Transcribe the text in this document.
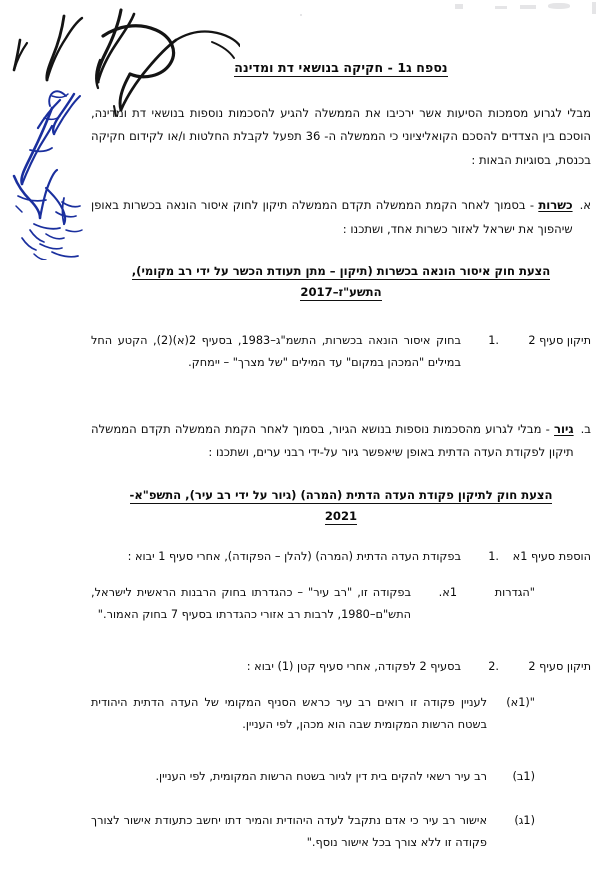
נספח ג1 - חקיקה בנושאי דת ומדינה

מבלי לגרוע מסמכות הסיעות אשר ירכיבו את הממשלה להגיע להסכמות נוספות בנושאי דת ומדינה, הוסכם בין הצדדים להסכם הקואליציוני כי הממשלה ה- 36 תפעל לקבלת החלטות ו/או לקידום חקיקה בכנסת, בסוגיות הבאות :

א.
כשרות - בסמוך לאחר הקמת הממשלה תקדם הממשלה תיקון לחוק איסור הונאה בכשרות באופן שיהפוך את ישראל לאזור כשרות אחד, ושתכנו :
הצעת חוק איסור הונאה בכשרות (תיקון – מתן תעודת הכשר על ידי רב מקומי),
התשע"ז–2017
תיקון סעיף 2
1.
בחוק איסור הונאה בכשרות, התשמ"ג–1983, בסעיף 2(א)(2), הקטע החל במילים "המכהן במקום" עד המילים "של מצרך" – יימחק.
ב.
גיור - מבלי לגרוע מהסכמות נוספות בנושא הגיור, בסמוך לאחר הקמת הממשלה תקדם הממשלה תיקון לפקודת העדה הדתית באופן שיאפשר גיור על-ידי רבני ערים, ושתכנו :
הצעת חוק לתיקון פקודת העדה הדתית (המרה) (גיור על ידי רב עיר), התשפ"א-
2021
הוספת סעיף 1א
1.
בפקודת העדה הדתית (המרה) (להלן – הפקודה), אחרי סעיף 1 יבוא :
"הגדרות
1א.
בפקודה זו, "רב עיר" – כהגדרתו בחוק הרבנות הראשית לישראל, התש"ם–1980, לרבות רב אזורי כהגדרתו בסעיף 7 בחוק האמור."
תיקון סעיף 2
2.
בסעיף 2 לפקודה, אחרי סעיף קטן (1) יבוא :
"(1א)
לעניין פקודה זו רואים רב עיר כראש הסניף המקומי של העדה הדתית היהודית בשטח הרשות המקומית שבה הוא מכהן, לפי העניין.
(1ב)
רב עיר רשאי להקים בית דין לגיור בשטח הרשות המקומית, לפי העניין.
(1ג)
אישור רב עיר כי אדם נתקבל לעדה היהודית והמיר דתו יחשב כתעודת אישור לצורך פקודה זו ללא צורך בכל אישור נוסף."
